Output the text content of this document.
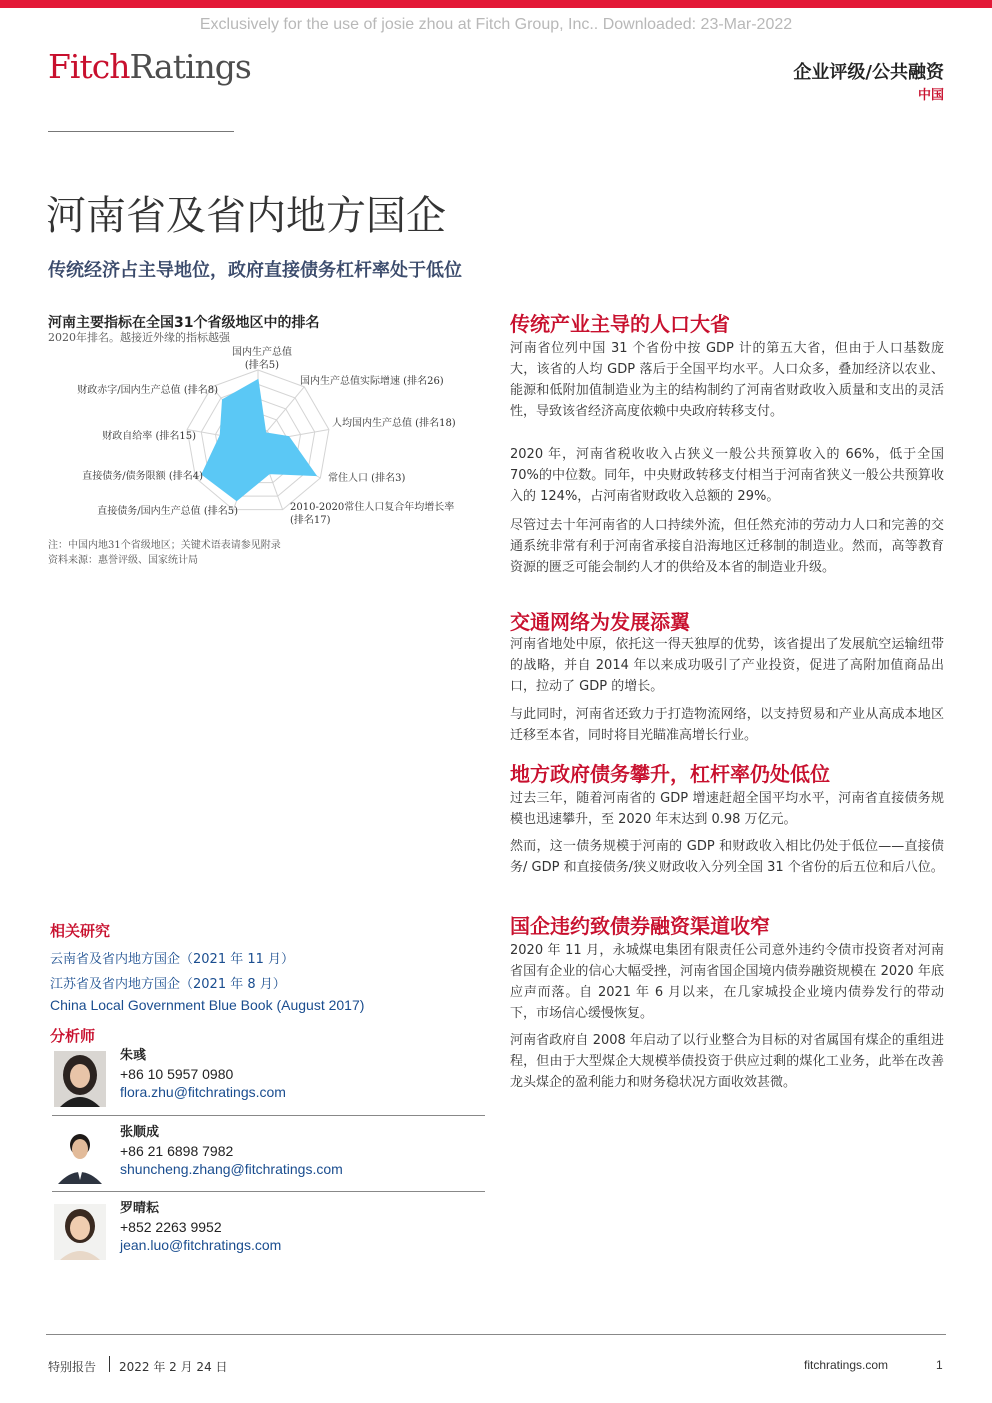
Exclusively for the use of josie zhou at Fitch Group, Inc.. Downloaded: 23-Mar-2022
FitchRatings	企业评级/公共融资
中国
河南省及省内地方国企
传统经济占主导地位，政府直接债务杠杆率处于低位
河南主要指标在全国31个省级地区中的排名
2020年排名。越接近外缘的指标越强
国内生产总值(排名5)
国内生产总值实际增速 (排名26)
人均国内生产总值 (排名18)
常住人口 (排名3)
2010-2020常住人口复合年均增长率(排名17)
直接债务/国内生产总值 (排名5)
直接债务/债务限额 (排名4)
财政自给率 (排名15)
财政赤字/国内生产总值 (排名8)
注：中国内地31个省级地区；关键术语表请参见附录
资料来源：惠誉评级、国家统计局
相关研究
云南省及省内地方国企（2021 年 11 月）
江苏省及省内地方国企（2021 年 8 月）
China Local Government Blue Book (August 2017)
分析师
朱彧
+86 10 5957 0980
flora.zhu@fitchratings.com
张顺成
+86 21 6898 7982
shuncheng.zhang@fitchratings.com
罗晴耘
+852 2263 9952
jean.luo@fitchratings.com
传统产业主导的人口大省
河南省位列中国 31 个省份中按 GDP 计的第五大省，但由于人口基数庞大，该省的人均 GDP 落后于全国平均水平。人口众多，叠加经济以农业、能源和低附加值制造业为主的结构制约了河南省财政收入质量和支出的灵活性，导致该省经济高度依赖中央政府转移支付。
2020 年，河南省税收收入占狭义一般公共预算收入的 66%，低于全国 70%的中位数。同年，中央财政转移支付相当于河南省狭义一般公共预算收入的 124%，占河南省财政收入总额的 29%。
尽管过去十年河南省的人口持续外流，但任然充沛的劳动力人口和完善的交通系统非常有利于河南省承接自沿海地区迁移制的制造业。然而，高等教育资源的匮乏可能会制约人才的供给及本省的制造业升级。
交通网络为发展添翼
河南省地处中原，依托这一得天独厚的优势，该省提出了发展航空运输纽带的战略，并自 2014 年以来成功吸引了产业投资，促进了高附加值商品出口，拉动了 GDP 的增长。
与此同时，河南省还致力于打造物流网络，以支持贸易和产业从高成本地区迁移至本省，同时将目光瞄准高增长行业。
地方政府债务攀升，杠杆率仍处低位
过去三年，随着河南省的 GDP 增速赶超全国平均水平，河南省直接债务规模也迅速攀升，至 2020 年末达到 0.98 万亿元。
然而，这一债务规模于河南的 GDP 和财政收入相比仍处于低位——直接债务/ GDP 和直接债务/狭义财政收入分列全国 31 个省份的后五位和后八位。
国企违约致债券融资渠道收窄
2020 年 11 月，永城煤电集团有限责任公司意外违约令债市投资者对河南省国有企业的信心大幅受挫，河南省国企国境内债券融资规模在 2020 年底应声而落。自 2021 年 6 月以来，在几家城投企业境内债券发行的带动下，市场信心缓慢恢复。
河南省政府自 2008 年启动了以行业整合为目标的对省属国有煤企的重组进程，但由于大型煤企大规模举债投资于供应过剩的煤化工业务，此举在改善龙头煤企的盈利能力和财务稳状况方面收效甚微。
特别报告 2022 年 2 月 24 日	fitchratings.com	1
